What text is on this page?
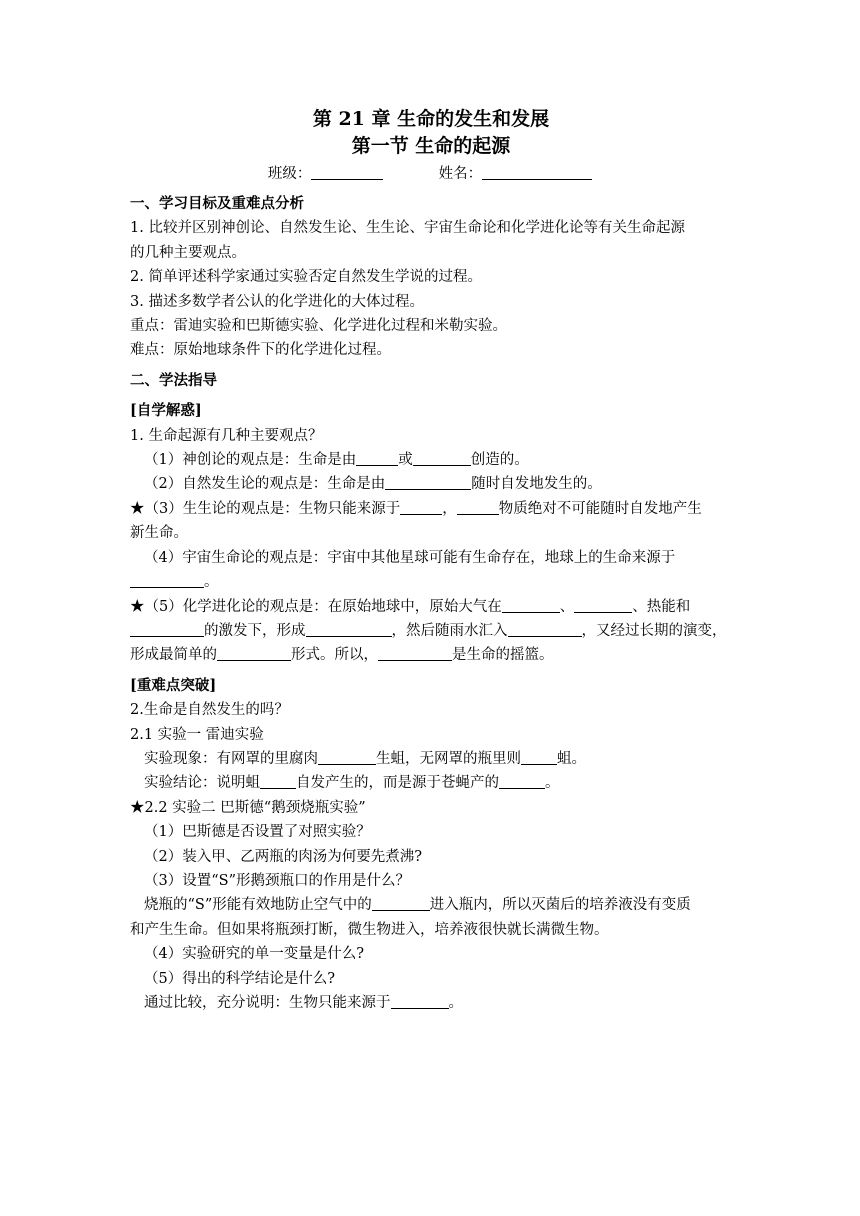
第 21 章 生命的发生和发展
第一节 生命的起源
班级：	姓名：
一、学习目标及重难点分析
1. 比较并区别神创论、自然发生论、生生论、宇宙生命论和化学进化论等有关生命起源
的几种主要观点。
2. 简单评述科学家通过实验否定自然发生学说的过程。
3. 描述多数学者公认的化学进化的大体过程。
重点：雷迪实验和巴斯德实验、化学进化过程和米勒实验。
难点：原始地球条件下的化学进化过程。
二、学法指导
[自学解惑]
1. 生命起源有几种主要观点？
（1）神创论的观点是：生命是由	或	创造的。
（2）自然发生论的观点是：生命是由	随时自发地发生的。
★（3）生生论的观点是：生物只能来源于	，	物质绝对不可能随时自发地产生
新生命。
（4）宇宙生命论的观点是：宇宙中其他星球可能有生命存在，地球上的生命来源于
。
★（5）化学进化论的观点是：在原始地球中，原始大气在	、	、热能和
的激发下，形成	，然后随雨水汇入	，又经过长期的演变，
形成最简单的	形式。所以，	是生命的摇篮。
[重难点突破]
2.生命是自然发生的吗？
2.1 实验一 雷迪实验
实验现象：有网罩的里腐肉	生蛆，无网罩的瓶里则 蛆。
实验结论：说明蛆 自发产生的，而是源于苍蝇产的	。
★2.2 实验二 巴斯德“鹅颈烧瓶实验”
（1）巴斯德是否设置了对照实验？
（2）装入甲、乙两瓶的肉汤为何要先煮沸?
（3）设置“S”形鹅颈瓶口的作用是什么？
烧瓶的“S”形能有效地防止空气中的	进入瓶内，所以灭菌后的培养液没有变质
和产生生命。但如果将瓶颈打断，微生物进入，培养液很快就长满微生物。
（4）实验研究的单一变量是什么?
（5）得出的科学结论是什么?
通过比较，充分说明：生物只能来源于	。
